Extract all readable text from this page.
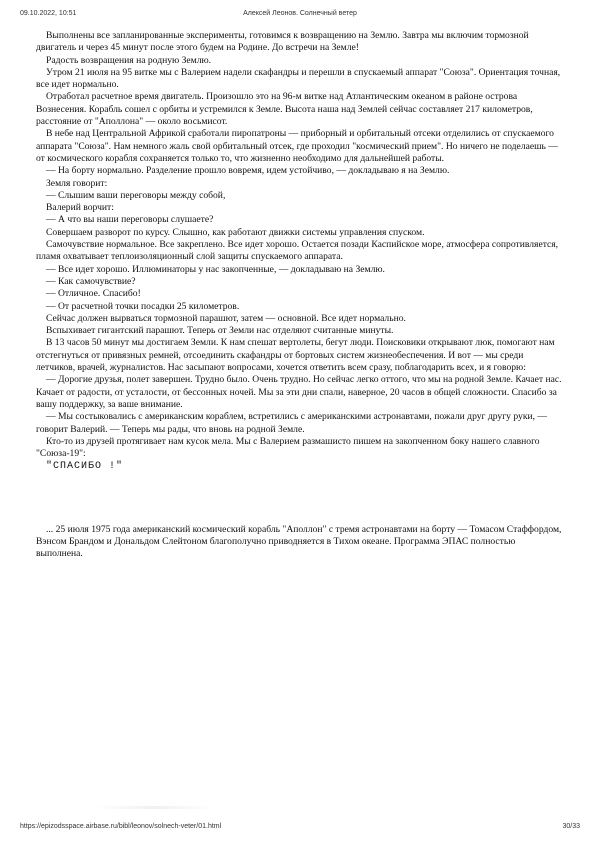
09.10.2022, 10:51	Алексей Леонов. Солнечный ветер

Выполнены все запланированные эксперименты, готовимся к возвращению на Землю. Завтра мы включим тормозной двигатель и через 45 минут после этого будем на Родине. До встречи на Земле!

Радость возвращения на родную Землю.

Утром 21 июля на 95 витке мы с Валерием надели скафандры и перешли в спускаемый аппарат "Союза". Ориентация точная, все идет нормально.

Отработал расчетное время двигатель. Произошло это на 96-м витке над Атлантическим океаном в районе острова Вознесения. Корабль сошел с орбиты и устремился к Земле. Высота наша над Землей сейчас составляет 217 километров, расстояние от "Аполлона" — около восьмисот.

В небе над Центральной Африкой сработали пиропатроны — приборный и орбитальный отсеки отделились от спускаемого аппарата "Союза". Нам немного жаль свой орбитальный отсек, где проходил "космический прием". Но ничего не поделаешь — от космического корабля сохраняется только то, что жизненно необходимо для дальнейшей работы.

— На борту нормально. Разделение прошло вовремя, идем устойчиво, — докладываю я на Землю.

Земля говорит:

— Слышим ваши переговоры между собой,

Валерий ворчит:

— А что вы наши переговоры слушаете?

Совершаем разворот по курсу. Слышно, как работают движки системы управления спуском.

Самочувствие нормальное. Все закреплено. Все идет хорошо. Остается позади Каспийское море, атмосфера сопротивляется, пламя охватывает теплоизоляционный слой защиты спускаемого аппарата.

— Все идет хорошо. Иллюминаторы у нас закопченные, — докладываю на Землю.

— Как самочувствие?

— Отличное. Спасибо!

— От расчетной точки посадки 25 километров.

Сейчас должен вырваться тормозной парашют, затем — основной. Все идет нормально.

Вспыхивает гигантский парашют. Теперь от Земли нас отделяют считанные минуты.

В 13 часов 50 минут мы достигаем Земли. К нам спешат вертолеты, бегут люди. Поисковики открывают люк, помогают нам отстегнуться от привязных ремней, отсоединить скафандры от бортовых систем жизнеобеспечения. И вот — мы среди летчиков, врачей, журналистов. Нас засыпают вопросами, хочется ответить всем сразу, поблагодарить всех, и я говорю:

— Дорогие друзья, полет завершен. Трудно было. Очень трудно. Но сейчас легко оттого, что мы на родной Земле. Качает нас. Качает от радости, от усталости, от бессонных ночей. Мы за эти дни спали, наверное, 20 часов в общей сложности. Спасибо за вашу поддержку, за ваше внимание.

— Мы состыковались с американским кораблем, встретились с американскими астронавтами, пожали друг другу руки, — говорит Валерий. — Теперь мы рады, что вновь на родной Земле.

Кто-то из друзей протягивает нам кусок мела. Мы с Валерием размашисто пишем на закопченном боку нашего славного "Союза-19":

"СПАСИБО !"

... 25 июля 1975 года американский космический корабль "Аполлон" с тремя астронавтами на борту — Томасом Стаффордом, Вэнсом Брандом и Дональдом Слейтоном благополучно приводняется в Тихом океане. Программа ЭПАС полностью выполнена.

https://epizodsspace.airbase.ru/bibl/leonov/solnech-veter/01.html	30/33
